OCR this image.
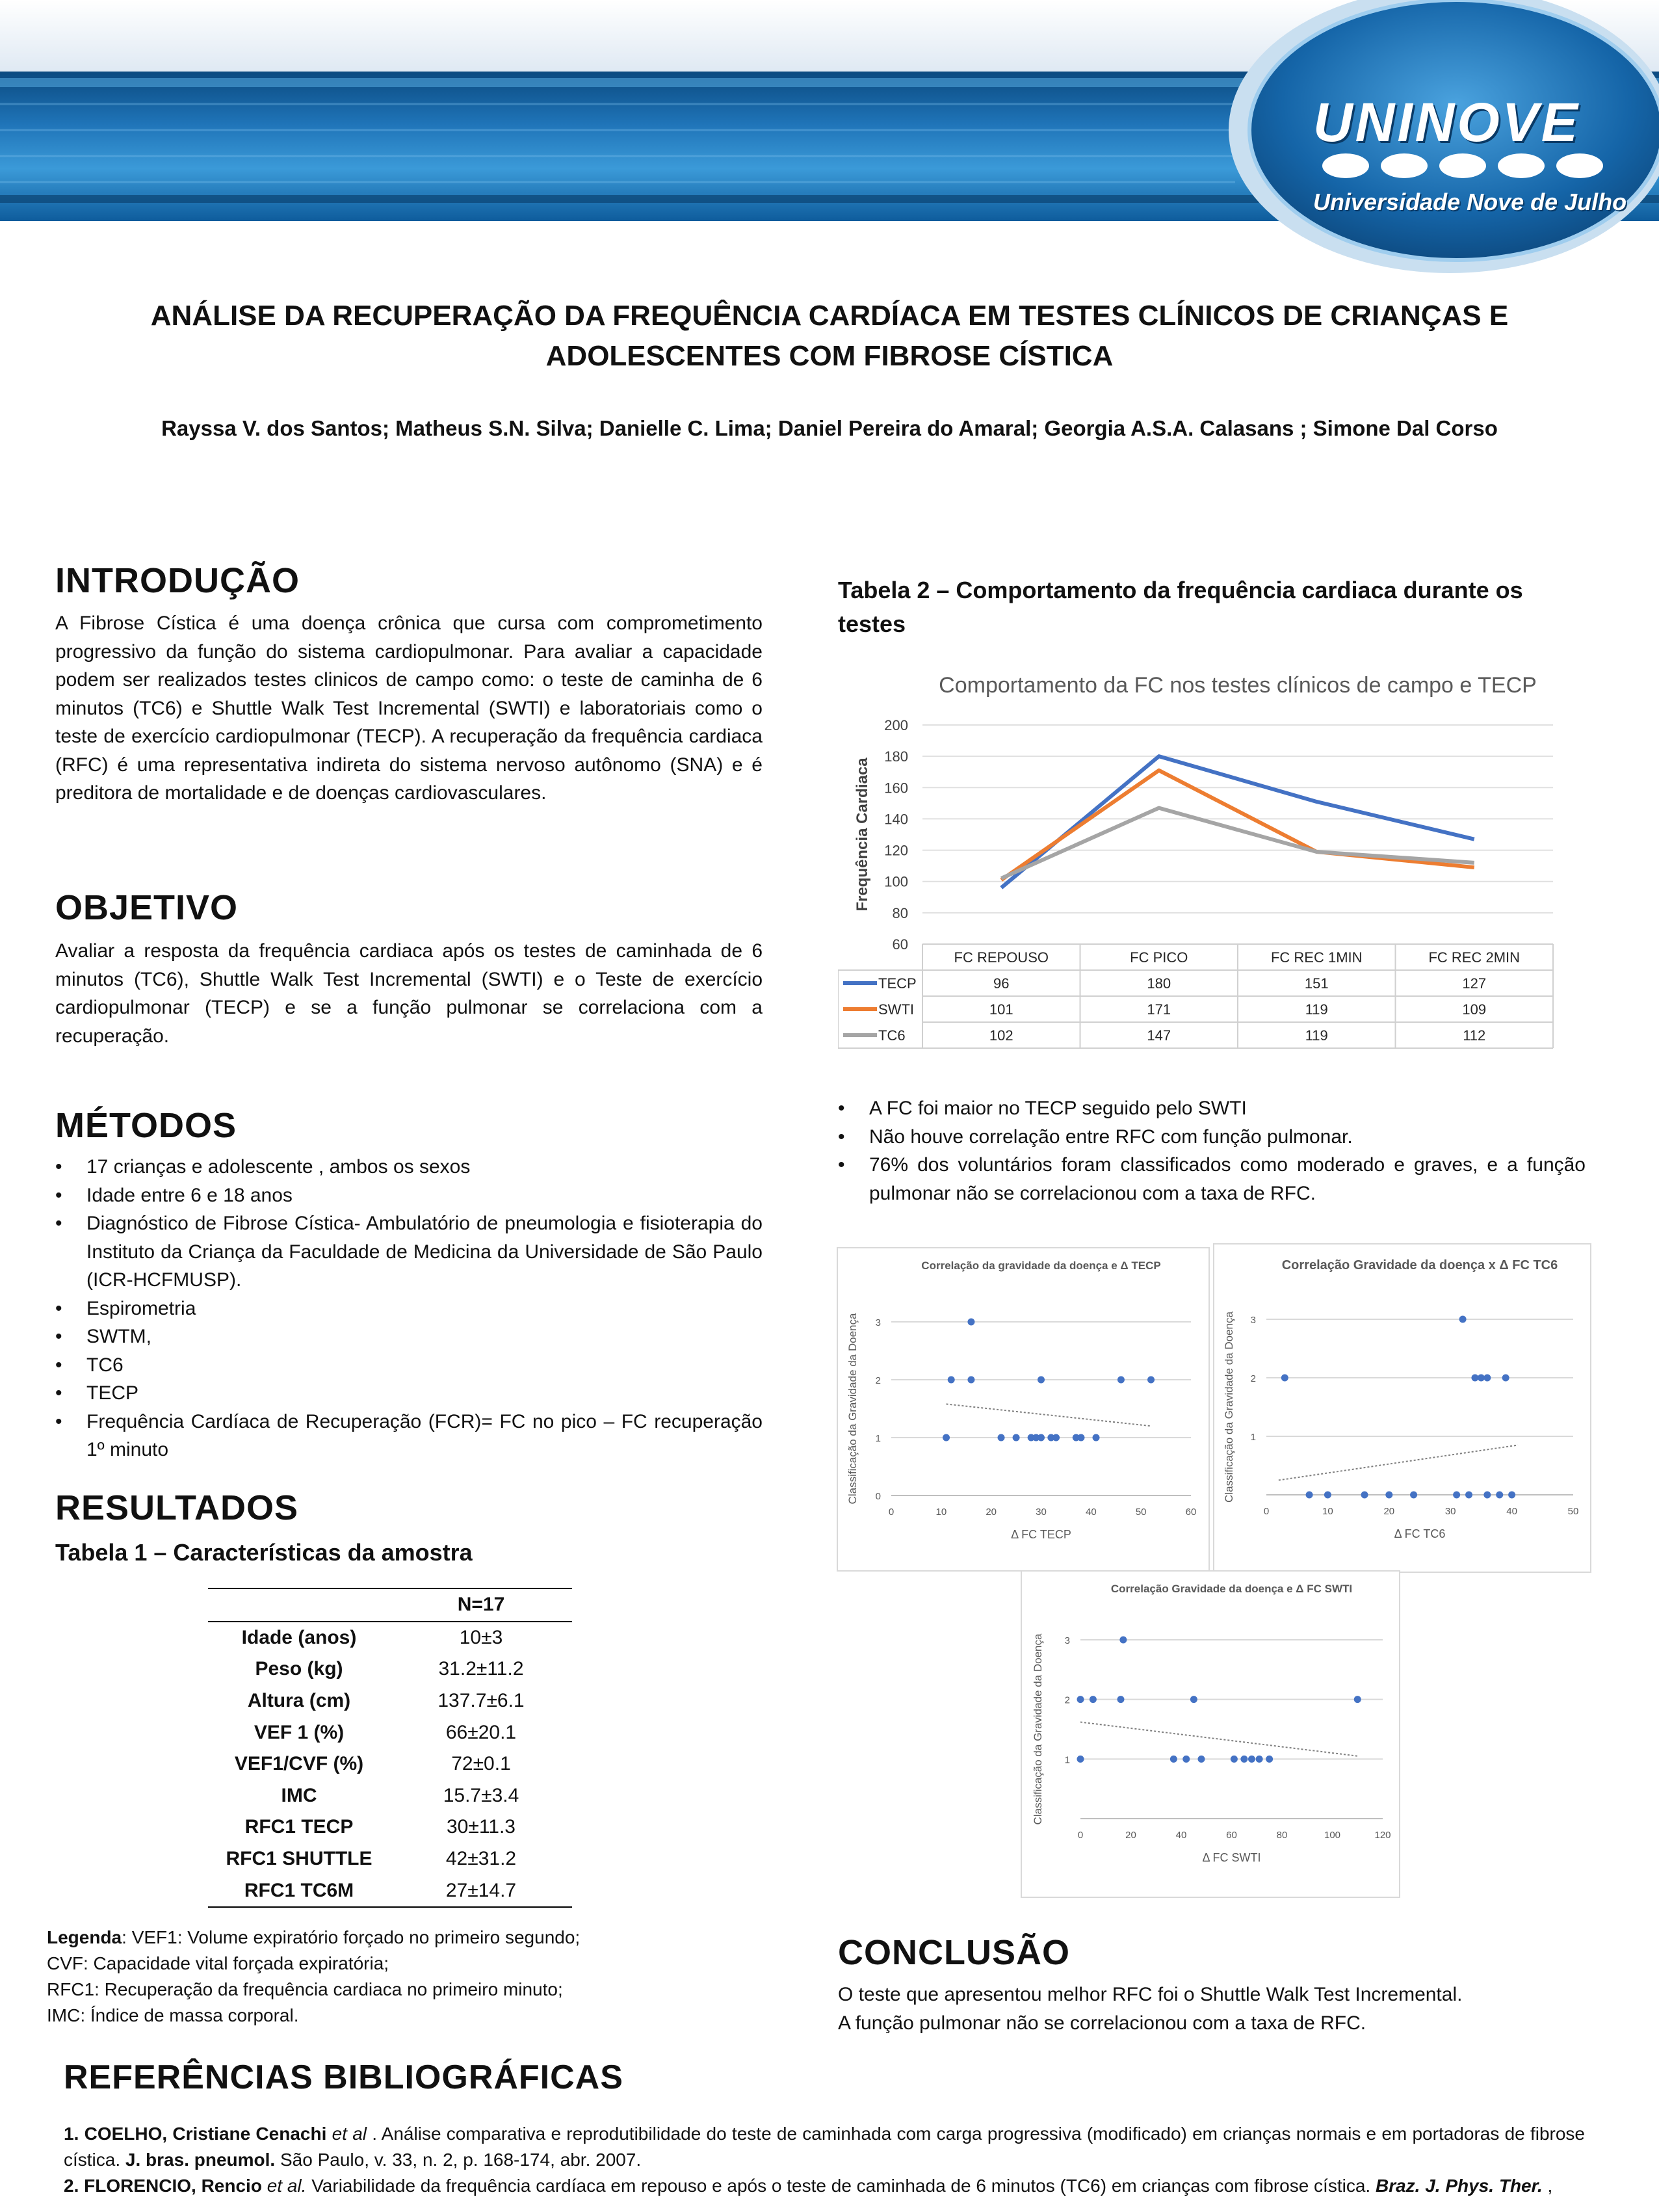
UNINOVE
Universidade Nove de Julho
ANÁLISE DA RECUPERAÇÃO DA FREQUÊNCIA CARDÍACA EM TESTES CLÍNICOS DE CRIANÇAS E
ADOLESCENTES COM FIBROSE CÍSTICA
Rayssa V. dos Santos; Matheus S.N. Silva; Danielle C. Lima; Daniel Pereira do Amaral; Georgia A.S.A. Calasans ; Simone Dal Corso
INTRODUÇÃO

A Fibrose Cística é uma doença crônica que cursa com comprometimento progressivo da função do sistema cardiopulmonar. Para avaliar a capacidade podem ser realizados testes clinicos de campo como: o teste de caminha de 6 minutos (TC6) e Shuttle Walk Test Incremental (SWTI) e laboratoriais como o teste de exercício cardiopulmonar (TECP). A recuperação da frequência cardiaca (RFC) é uma representativa indireta do sistema nervoso autônomo (SNA) e é preditora de mortalidade e de doenças cardiovasculares.

OBJETIVO

Avaliar a resposta da frequência cardiaca após os testes de caminhada de 6 minutos (TC6), Shuttle Walk Test Incremental (SWTI) e o Teste de exercício cardiopulmonar (TECP) e se a função pulmonar se correlaciona com a recuperação.

MÉTODOS
• 17 crianças e adolescente , ambos os sexos
• Idade entre 6 e 18 anos
• Diagnóstico de Fibrose Cística- Ambulatório de pneumologia e fisioterapia do Instituto da Criança da Faculdade de Medicina da Universidade de São Paulo (ICR-HCFMUSP).
• Espirometria
• SWTM,
• TC6
• TECP
• Frequência Cardíaca de Recuperação (FCR)= FC no pico – FC recuperação 1º minuto
RESULTADOS
Tabela 1 – Características da amostra
	N=17
Idade (anos)	10±3
Peso (kg)	31.2±11.2
Altura (cm)	137.7±6.1
VEF 1 (%)	66±20.1
VEF1/CVF (%)	72±0.1
IMC	15.7±3.4
RFC1 TECP	30±11.3
RFC1 SHUTTLE	42±31.2
RFC1 TC6M	27±14.7
Legenda: VEF1: Volume expiratório forçado no primeiro segundo;
CVF: Capacidade vital forçada expiratória;
RFC1: Recuperação da frequência cardiaca no primeiro minuto;
IMC: Índice de massa corporal.
Tabela 2 – Comportamento da frequência cardiaca durante os testes
Comportamento da FC nos testes clínicos de campo e TECP
60
80
100
120
140
160
180
200
Frequência Cardiaca
FC REPOUSO	FC PICO	FC REC 1MIN	FC REC 2MIN
TECP	96	180	151	127
SWTI	101	171	119	109
TC6	102	147	119	112
• A FC foi maior no TECP seguido pelo SWTI
• Não houve correlação entre RFC com função pulmonar.
• 76% dos voluntários foram classificados como moderado e graves, e a função pulmonar não se correlacionou com a taxa de RFC.
Correlação da gravidade da doença e Δ TECP
0
1
2
3
0	10	20	30	40	50	60
Δ FC TECP
Classificação da Gravidade da Doença
Correlação Gravidade da doença x Δ FC TC6
1
2
3
0	10	20	30	40	50
Δ FC TC6
Classificação da Gravidade da Doença
Correlação Gravidade da doença e Δ FC SWTI
1
2
3
0	20	40	60	80	100	120
Δ FC SWTI
Classificação da Gravidade da Doença
CONCLUSÃO
O teste que apresentou melhor RFC foi o Shuttle Walk Test Incremental.
A função pulmonar não se correlacionou com a taxa de RFC.
REFERÊNCIAS BIBLIOGRÁFICAS
1. COELHO, Cristiane Cenachi et al . Análise comparativa e reprodutibilidade do teste de caminhada com carga progressiva (modificado) em crianças normais e em portadoras de fibrose cística. J. bras. pneumol. São Paulo, v. 33, n. 2, p. 168-174, abr. 2007.
2. FLORENCIO, Rencio et al. Variabilidade da frequência cardíaca em repouso e após o teste de caminhada de 6 minutos (TC6) em crianças com fibrose cística. Braz. J. Phys. Ther. ,
